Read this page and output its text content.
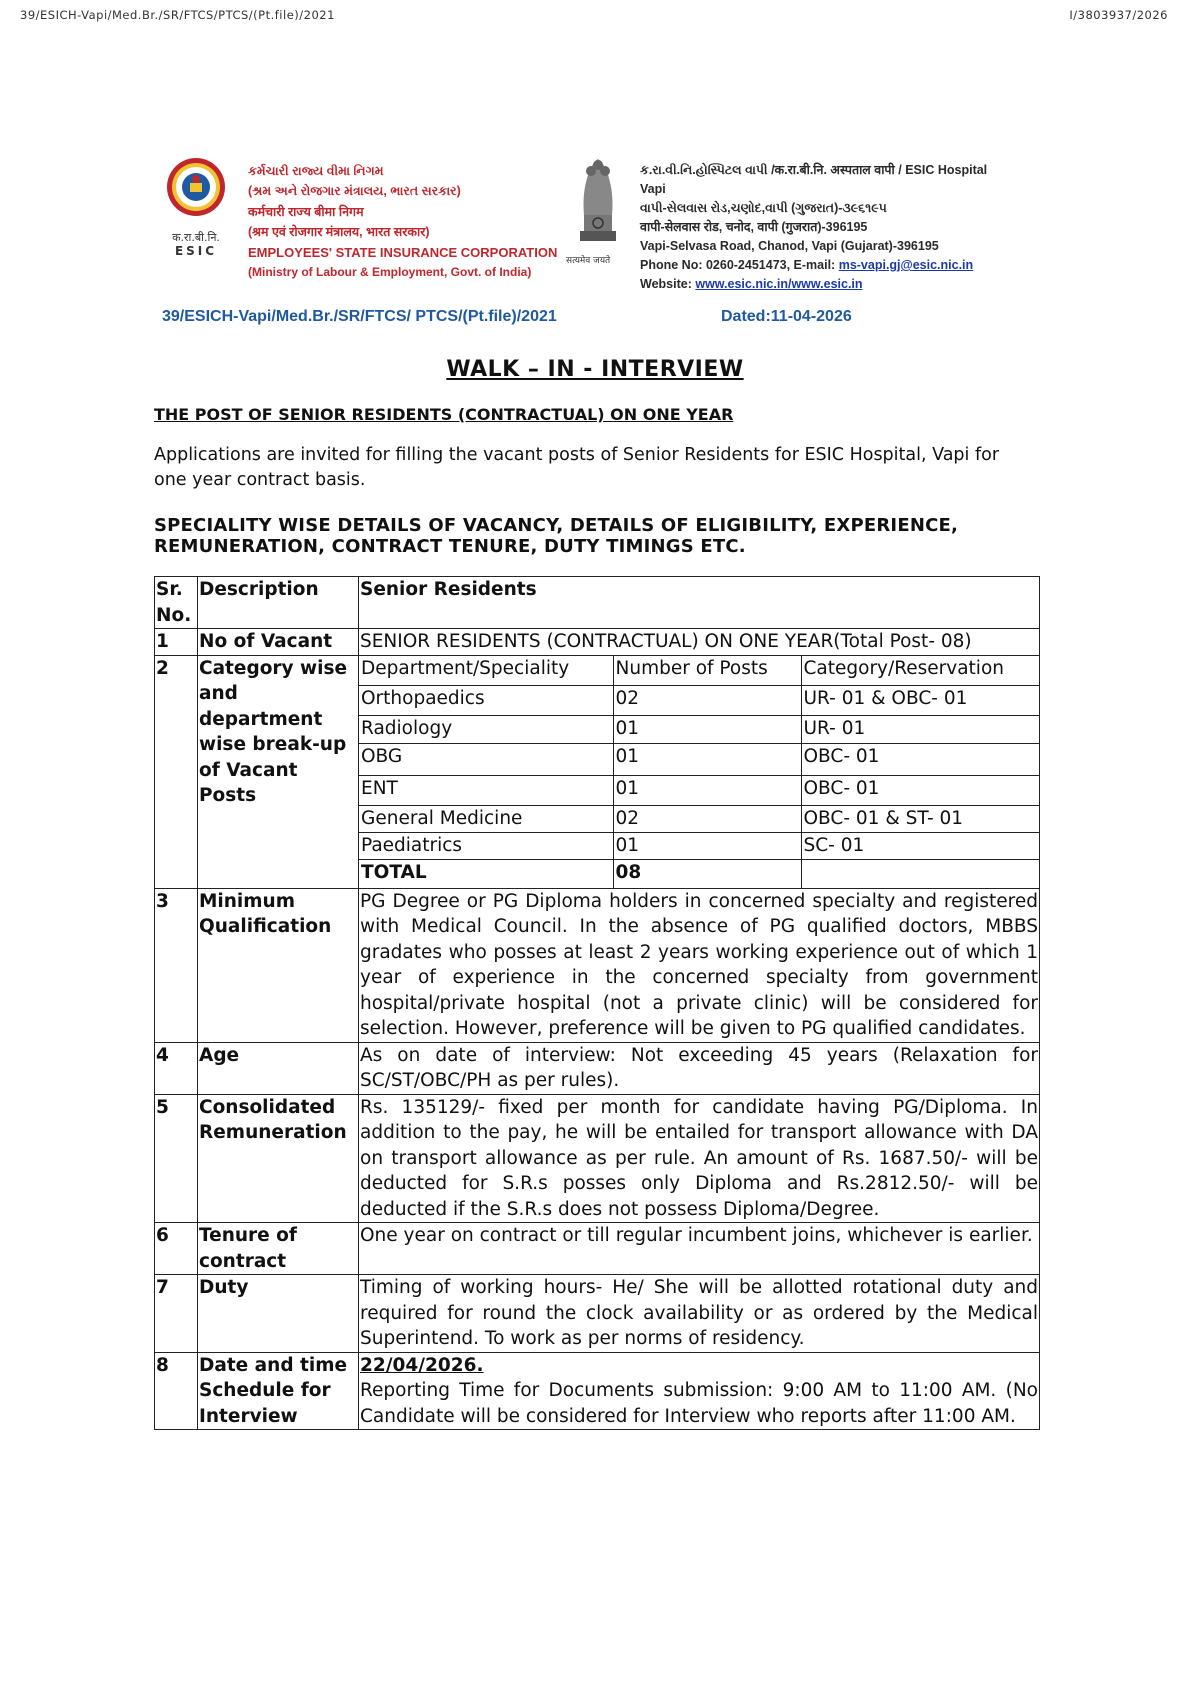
39/ESICH-Vapi/Med.Br./SR/FTCS/PTCS/(Pt.file)/2021	I/3803937/2026
क.रा.बी.नि.
ESIC
કર્મચારી રાજ્ય વીમા નિગમ
(શ્રમ અને રોજગાર મંત્રાલય, ભારત સરકાર)
कर्मचारी राज्य बीमा निगम
(श्रम एवं रोजगार मंत्रालय, भारत सरकार)
EMPLOYEES' STATE INSURANCE CORPORATION
(Ministry of Labour & Employment, Govt. of India)
सत्यमेव जयते
ક.રા.વી.નિ.હોસ્પિટલ વાપી /क.रा.बी.नि. अस्पताल वापी / ESIC Hospital
Vapi
વાપી-સેલવાસ રોડ,ચણોદ,વાપી (ગુજરાત)-૩૯૬૧૯૫
वापी-सेलवास रोड, चनोद, वापी (गुजरात)-396195
Vapi-Selvasa Road, Chanod, Vapi (Gujarat)-396195
Phone No: 0260-2451473, E-mail: ms-vapi.gj@esic.nic.in
Website: www.esic.nic.in/www.esic.in
39/ESICH-Vapi/Med.Br./SR/FTCS/ PTCS/(Pt.file)/2021	Dated:11-04-2026
WALK – IN - INTERVIEW
THE POST OF SENIOR RESIDENTS (CONTRACTUAL) ON ONE YEAR
Applications are invited for filling the vacant posts of Senior Residents for ESIC Hospital, Vapi for one year contract basis.
SPECIALITY WISE DETAILS OF VACANCY, DETAILS OF ELIGIBILITY, EXPERIENCE, REMUNERATION, CONTRACT TENURE, DUTY TIMINGS ETC.
Sr. No.	Description	Senior Residents
1	No of Vacant	SENIOR RESIDENTS (CONTRACTUAL) ON ONE YEAR(Total Post- 08)
2	Category wise and department wise break-up of Vacant Posts	
Department/Speciality	Number of Posts	Category/Reservation
Orthopaedics	02	UR- 01 & OBC- 01
Radiology	01	UR- 01
OBG	01	OBC- 01
ENT	01	OBC- 01
General Medicine	02	OBC- 01 & ST- 01
Paediatrics	01	SC- 01
TOTAL	08	

3	Minimum Qualification	PG Degree or PG Diploma holders in concerned specialty and registered with Medical Council. In the absence of PG qualified doctors, MBBS gradates who posses at least 2 years working experience out of which 1 year of experience in the concerned specialty from government hospital/private hospital (not a private clinic) will be considered for selection. However, preference will be given to PG qualified candidates.
4	Age	As on date of interview: Not exceeding 45 years (Relaxation for SC/ST/OBC/PH as per rules).
5	Consolidated Remuneration	Rs. 135129/- fixed per month for candidate having PG/Diploma. In addition to the pay, he will be entailed for transport allowance with DA on transport allowance as per rule. An amount of Rs. 1687.50/- will be deducted for S.R.s posses only Diploma and Rs.2812.50/- will be deducted if the S.R.s does not possess Diploma/Degree.
6	Tenure of contract	One year on contract or till regular incumbent joins, whichever is earlier.
7	Duty	Timing of working hours- He/ She will be allotted rotational duty and required for round the clock availability or as ordered by the Medical Superintend. To work as per norms of residency.
8	Date and time Schedule for Interview	22/04/2026.
Reporting Time for Documents submission: 9:00 AM to 11:00 AM. (No Candidate will be considered for Interview who reports after 11:00 AM.
